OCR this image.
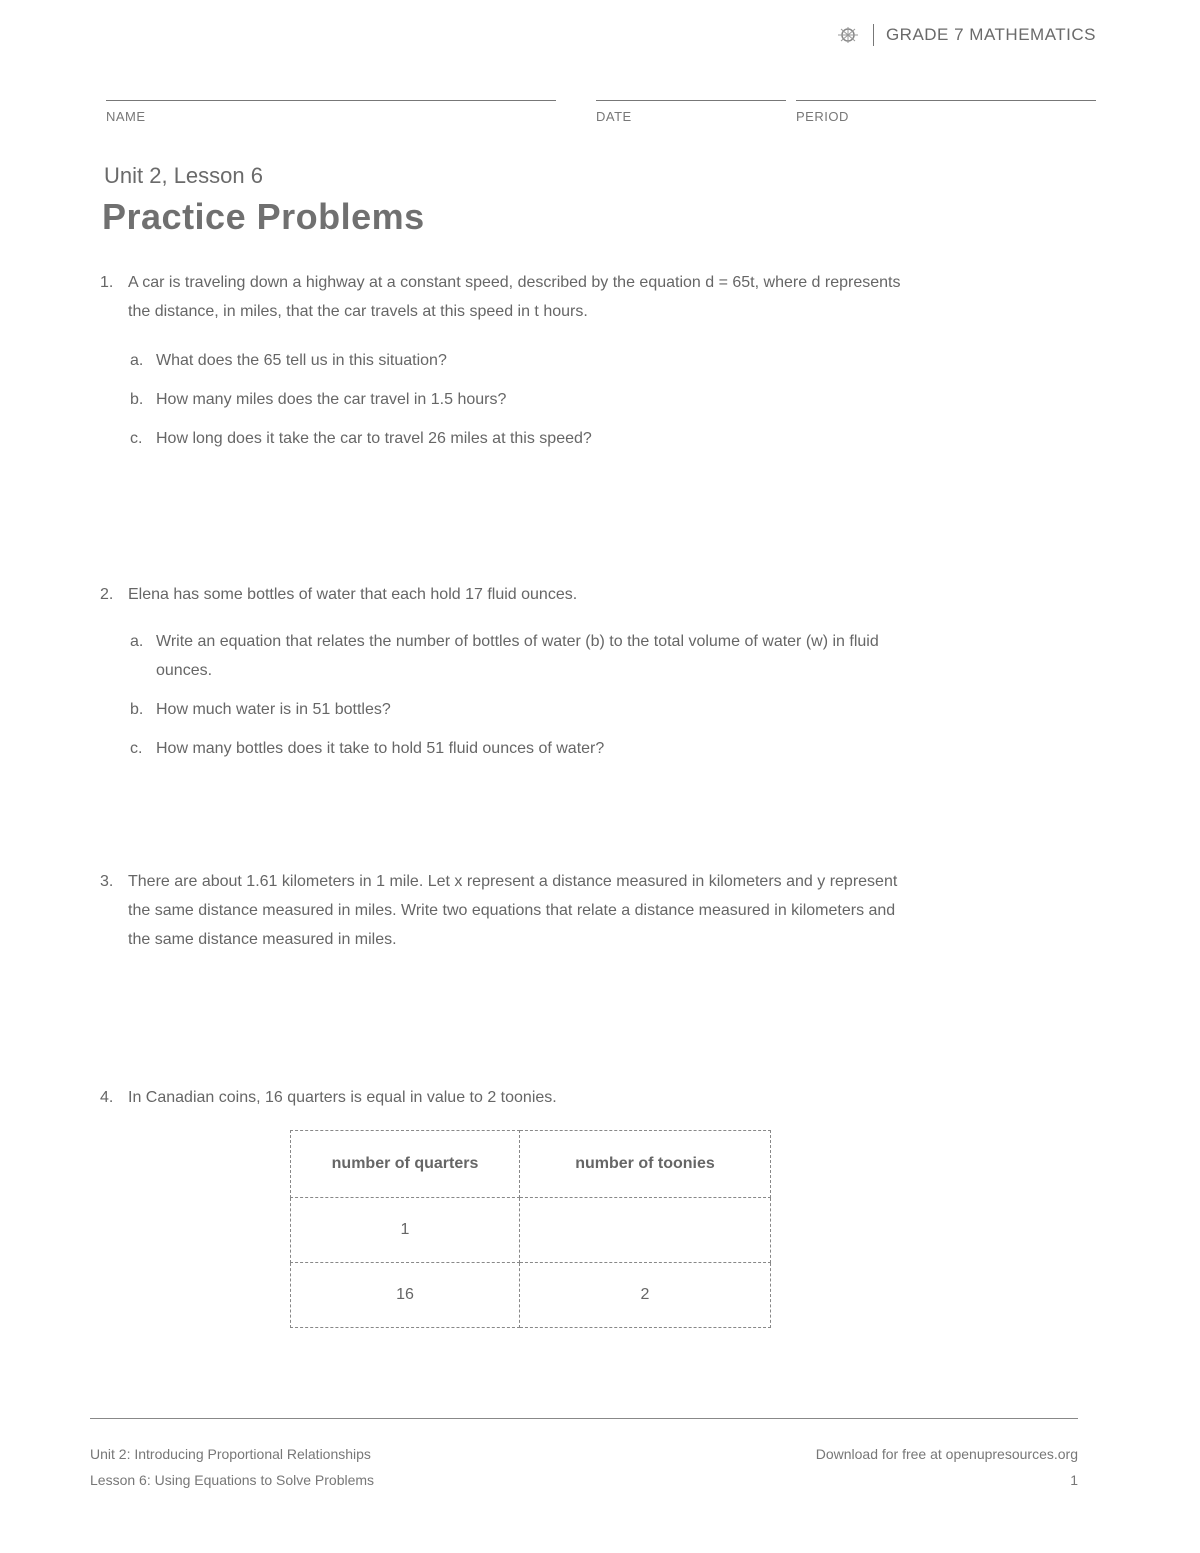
GRADE 7 MATHEMATICS
NAME	DATE	PERIOD
Unit 2, Lesson 6
Practice Problems
1. A car is traveling down a highway at a constant speed, described by the equation d = 65t, where d represents the distance, in miles, that the car travels at this speed in t hours.
a. What does the 65 tell us in this situation?
b. How many miles does the car travel in 1.5 hours?
c. How long does it take the car to travel 26 miles at this speed?
2. Elena has some bottles of water that each hold 17 fluid ounces.
a. Write an equation that relates the number of bottles of water (b) to the total volume of water (w) in fluid ounces.
b. How much water is in 51 bottles?
c. How many bottles does it take to hold 51 fluid ounces of water?
3. There are about 1.61 kilometers in 1 mile. Let x represent a distance measured in kilometers and y represent the same distance measured in miles. Write two equations that relate a distance measured in kilometers and the same distance measured in miles.
4. In Canadian coins, 16 quarters is equal in value to 2 toonies.
number of quarters	number of toonies
1	
16	2
Unit 2: Introducing Proportional Relationships
Lesson 6: Using Equations to Solve Problems
Download for free at openupresources.org
1
